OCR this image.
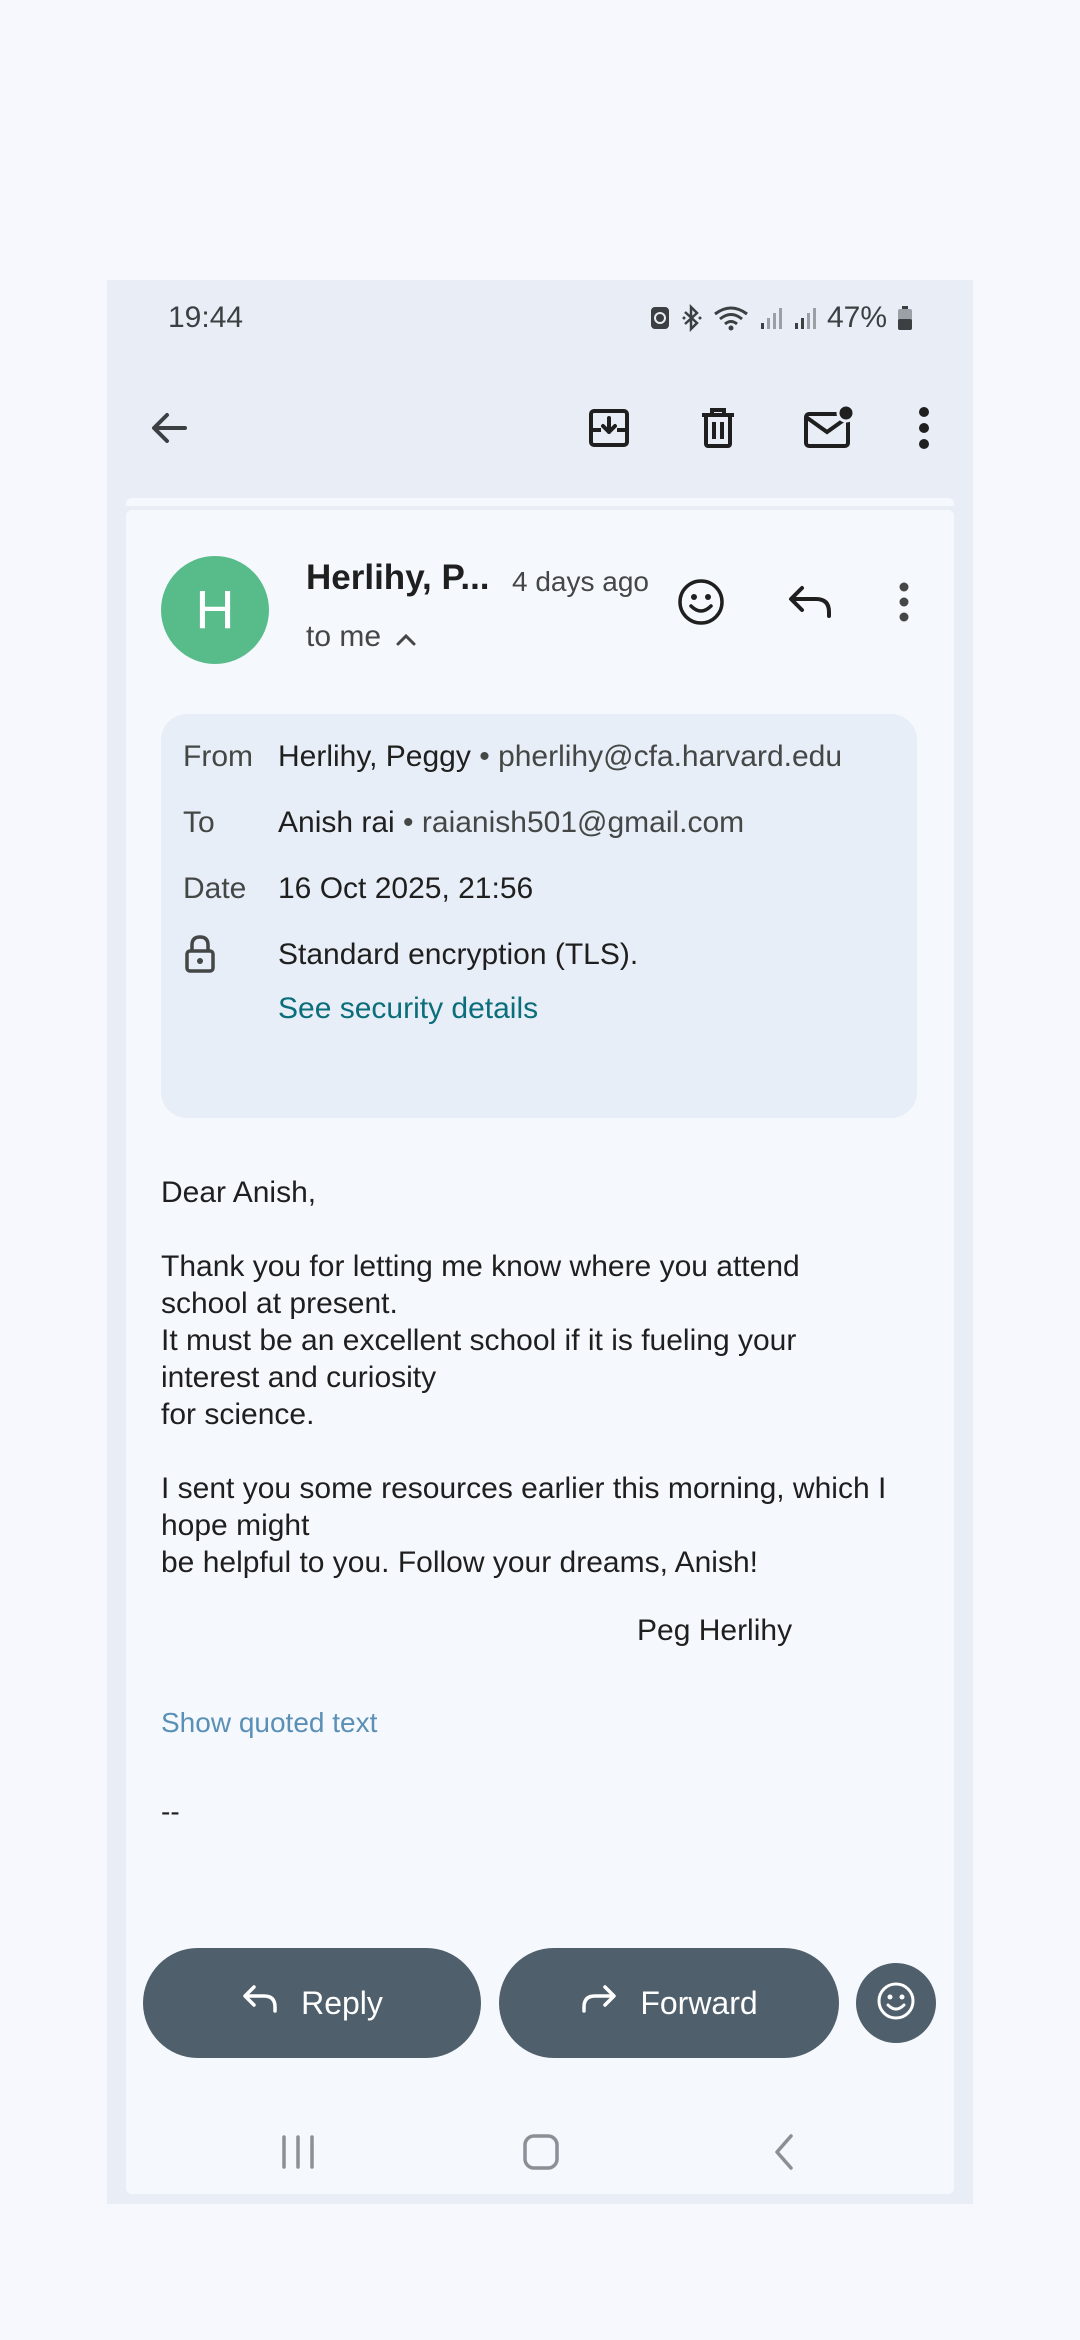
19:44	47%
H
Herlihy, P... 4 days ago
to me
From Herlihy, Peggy • pherlihy@cfa.harvard.edu
To Anish rai • raianish501@gmail.com
Date 16 Oct 2025, 21:56
Standard encryption (TLS).
See security details
Dear Anish,
Thank you for letting me know where you attend
school at present.
It must be an excellent school if it is fueling your
interest and curiosity
for science.
I sent you some resources earlier this morning, which I
hope might
be helpful to you. Follow your dreams, Anish!
Peg Herlihy
Show quoted text
--
Reply	Forward
